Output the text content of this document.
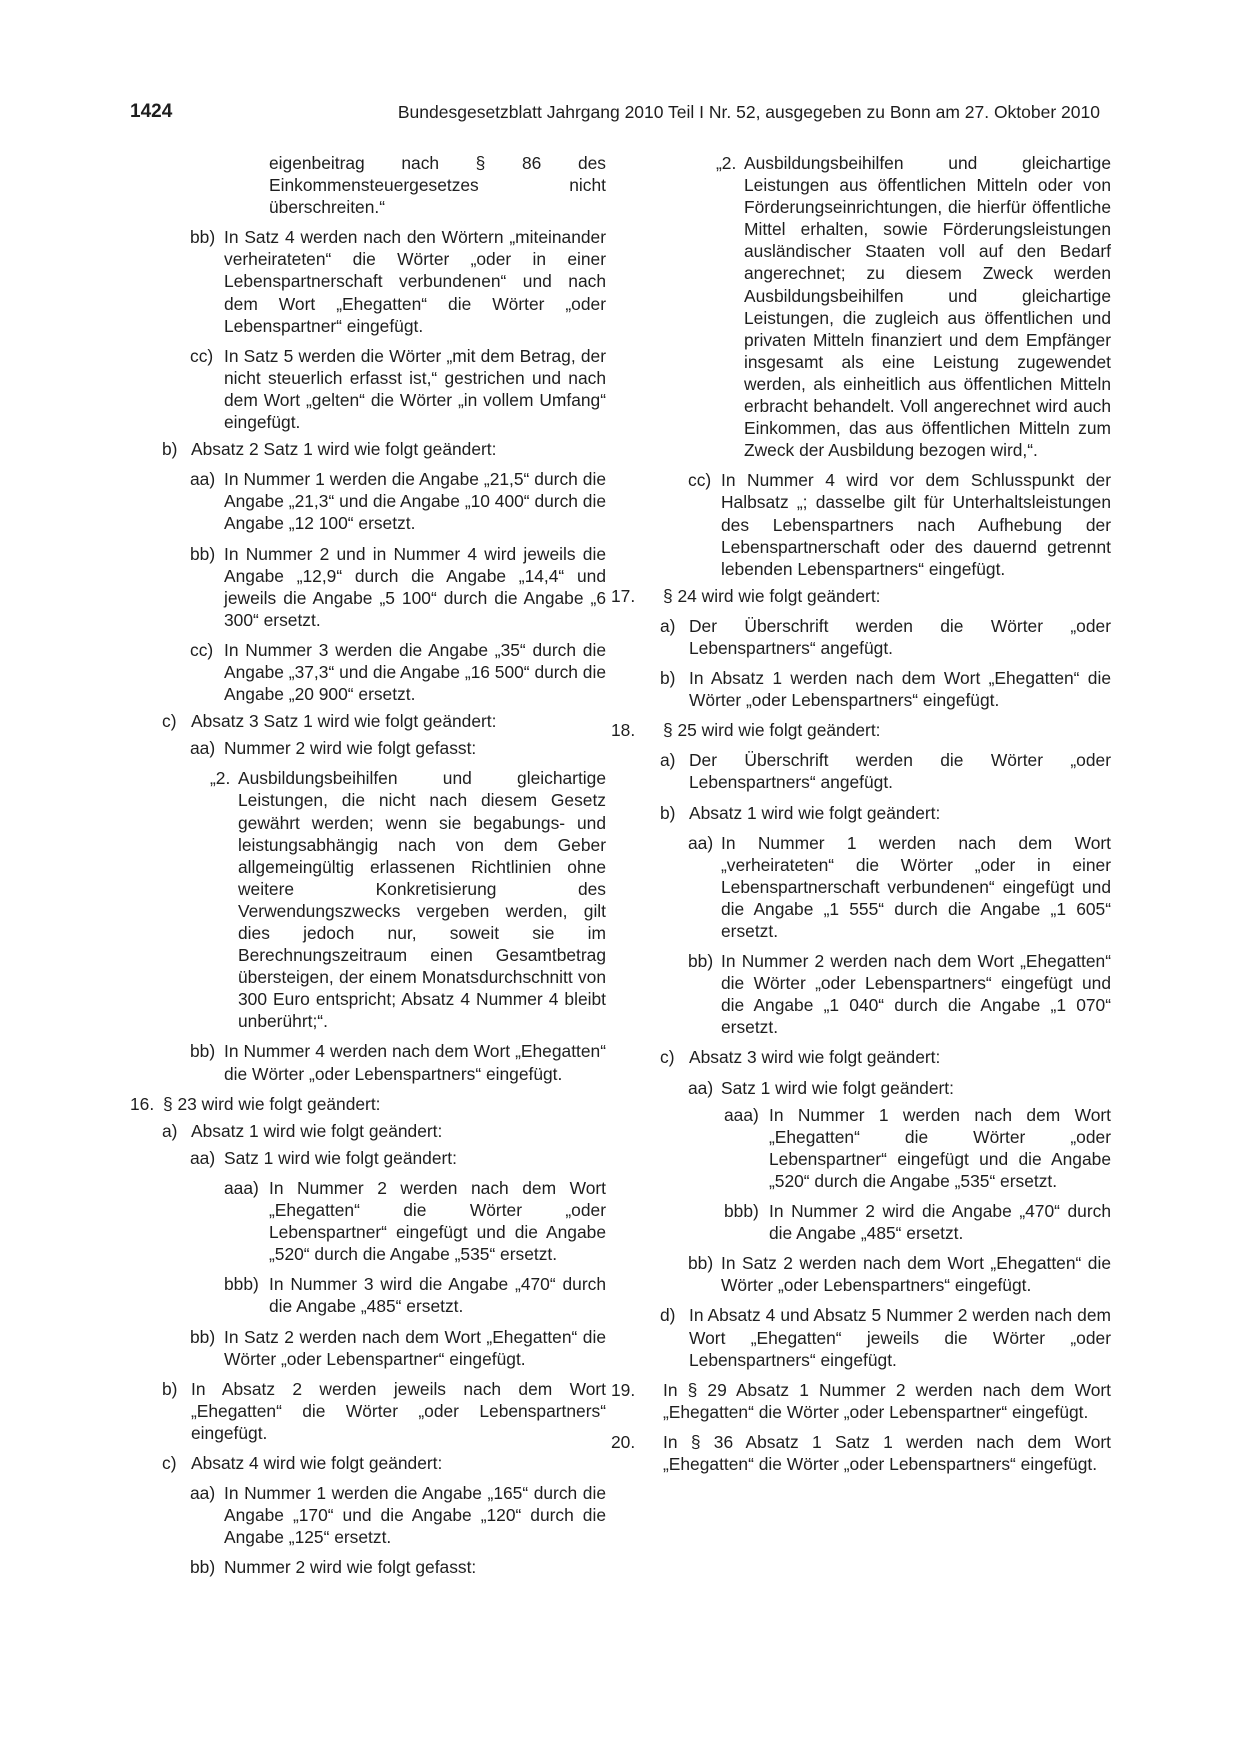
1424	Bundesgesetzblatt Jahrgang 2010 Teil I Nr. 52, ausgegeben zu Bonn am 27. Oktober 2010
eigenbeitrag nach § 86 des Einkommensteuergesetzes nicht überschreiten.“
bb) In Satz 4 werden nach den Wörtern „miteinander verheirateten“ die Wörter „oder in einer Lebenspartnerschaft verbundenen“ und nach dem Wort „Ehegatten“ die Wörter „oder Lebenspartner“ eingefügt.
cc) In Satz 5 werden die Wörter „mit dem Betrag, der nicht steuerlich erfasst ist,“ gestrichen und nach dem Wort „gelten“ die Wörter „in vollem Umfang“ eingefügt.
b) Absatz 2 Satz 1 wird wie folgt geändert:
aa) In Nummer 1 werden die Angabe „21,5“ durch die Angabe „21,3“ und die Angabe „10 400“ durch die Angabe „12 100“ ersetzt.
bb) In Nummer 2 und in Nummer 4 wird jeweils die Angabe „12,9“ durch die Angabe „14,4“ und jeweils die Angabe „5 100“ durch die Angabe „6 300“ ersetzt.
cc) In Nummer 3 werden die Angabe „35“ durch die Angabe „37,3“ und die Angabe „16 500“ durch die Angabe „20 900“ ersetzt.
c) Absatz 3 Satz 1 wird wie folgt geändert:
aa) Nummer 2 wird wie folgt gefasst:
„2. Ausbildungsbeihilfen und gleichartige Leistungen, die nicht nach diesem Gesetz gewährt werden; wenn sie begabungs- und leistungsabhängig nach von dem Geber allgemeingültig erlassenen Richtlinien ohne weitere Konkretisierung des Verwendungszwecks vergeben werden, gilt dies jedoch nur, soweit sie im Berechnungszeitraum einen Gesamtbetrag übersteigen, der einem Monatsdurchschnitt von 300 Euro entspricht; Absatz 4 Nummer 4 bleibt unberührt;“.
bb) In Nummer 4 werden nach dem Wort „Ehegatten“ die Wörter „oder Lebenspartners“ eingefügt.
16. § 23 wird wie folgt geändert:
a) Absatz 1 wird wie folgt geändert:
aa) Satz 1 wird wie folgt geändert:
aaa) In Nummer 2 werden nach dem Wort „Ehegatten“ die Wörter „oder Lebenspartner“ eingefügt und die Angabe „520“ durch die Angabe „535“ ersetzt.
bbb) In Nummer 3 wird die Angabe „470“ durch die Angabe „485“ ersetzt.
bb) In Satz 2 werden nach dem Wort „Ehegatten“ die Wörter „oder Lebenspartner“ eingefügt.
b) In Absatz 2 werden jeweils nach dem Wort „Ehegatten“ die Wörter „oder Lebenspartners“ eingefügt.
c) Absatz 4 wird wie folgt geändert:
aa) In Nummer 1 werden die Angabe „165“ durch die Angabe „170“ und die Angabe „120“ durch die Angabe „125“ ersetzt.
bb) Nummer 2 wird wie folgt gefasst:
„2. Ausbildungsbeihilfen und gleichartige Leistungen aus öffentlichen Mitteln oder von Förderungseinrichtungen, die hierfür öffentliche Mittel erhalten, sowie Förderungsleistungen ausländischer Staaten voll auf den Bedarf angerechnet; zu diesem Zweck werden Ausbildungsbeihilfen und gleichartige Leistungen, die zugleich aus öffentlichen und privaten Mitteln finanziert und dem Empfänger insgesamt als eine Leistung zugewendet werden, als einheitlich aus öffentlichen Mitteln erbracht behandelt. Voll angerechnet wird auch Einkommen, das aus öffentlichen Mitteln zum Zweck der Ausbildung bezogen wird,“.
cc) In Nummer 4 wird vor dem Schlusspunkt der Halbsatz „; dasselbe gilt für Unterhaltsleistungen des Lebenspartners nach Aufhebung der Lebenspartnerschaft oder des dauernd getrennt lebenden Lebenspartners“ eingefügt.
17. § 24 wird wie folgt geändert:
a) Der Überschrift werden die Wörter „oder Lebenspartners“ angefügt.
b) In Absatz 1 werden nach dem Wort „Ehegatten“ die Wörter „oder Lebenspartners“ eingefügt.
18. § 25 wird wie folgt geändert:
a) Der Überschrift werden die Wörter „oder Lebenspartners“ angefügt.
b) Absatz 1 wird wie folgt geändert:
aa) In Nummer 1 werden nach dem Wort „verheirateten“ die Wörter „oder in einer Lebenspartnerschaft verbundenen“ eingefügt und die Angabe „1 555“ durch die Angabe „1 605“ ersetzt.
bb) In Nummer 2 werden nach dem Wort „Ehegatten“ die Wörter „oder Lebenspartners“ eingefügt und die Angabe „1 040“ durch die Angabe „1 070“ ersetzt.
c) Absatz 3 wird wie folgt geändert:
aa) Satz 1 wird wie folgt geändert:
aaa) In Nummer 1 werden nach dem Wort „Ehegatten“ die Wörter „oder Lebenspartner“ eingefügt und die Angabe „520“ durch die Angabe „535“ ersetzt.
bbb) In Nummer 2 wird die Angabe „470“ durch die Angabe „485“ ersetzt.
bb) In Satz 2 werden nach dem Wort „Ehegatten“ die Wörter „oder Lebenspartners“ eingefügt.
d) In Absatz 4 und Absatz 5 Nummer 2 werden nach dem Wort „Ehegatten“ jeweils die Wörter „oder Lebenspartners“ eingefügt.
19. In § 29 Absatz 1 Nummer 2 werden nach dem Wort „Ehegatten“ die Wörter „oder Lebenspartner“ eingefügt.
20. In § 36 Absatz 1 Satz 1 werden nach dem Wort „Ehegatten“ die Wörter „oder Lebenspartners“ eingefügt.
